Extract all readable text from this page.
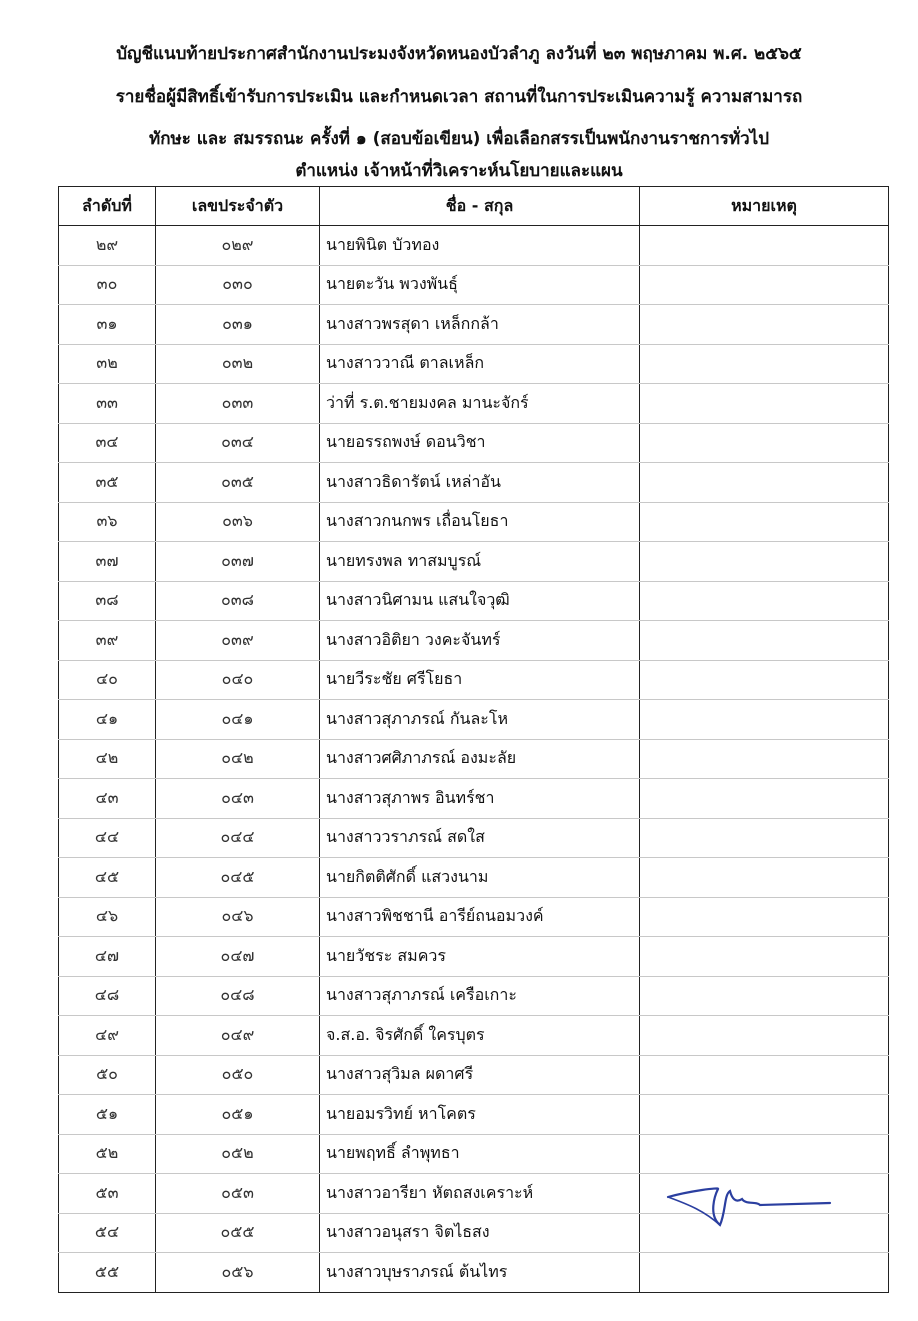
บัญชีแนบท้ายประกาศสำนักงานประมงจังหวัดหนองบัวลำภู ลงวันที่ ๒๓ พฤษภาคม พ.ศ. ๒๕๖๕
รายชื่อผู้มีสิทธิ์เข้ารับการประเมิน และกำหนดเวลา สถานที่ในการประเมินความรู้ ความสามารถ
ทักษะ และ สมรรถนะ ครั้งที่ ๑ (สอบข้อเขียน) เพื่อเลือกสรรเป็นพนักงานราชการทั่วไป
ตำแหน่ง เจ้าหน้าที่วิเคราะห์นโยบายและแผน
ลำดับที่	เลขประจำตัว	ชื่อ - สกุล	หมายเหตุ
๒๙	๐๒๙	นายพินิต บัวทอง	
๓๐	๐๓๐	นายตะวัน พวงพันธุ์	
๓๑	๐๓๑	นางสาวพรสุดา เหล็กกล้า	
๓๒	๐๓๒	นางสาววาณี ตาลเหล็ก	
๓๓	๐๓๓	ว่าที่ ร.ต.ชายมงคล มานะจักร์	
๓๔	๐๓๔	นายอรรถพงษ์ ดอนวิชา	
๓๕	๐๓๕	นางสาวธิดารัตน์ เหล่าอัน	
๓๖	๐๓๖	นางสาวกนกพร เถื่อนโยธา	
๓๗	๐๓๗	นายทรงพล ทาสมบูรณ์	
๓๘	๐๓๘	นางสาวนิศามน แสนใจวุฒิ	
๓๙	๐๓๙	นางสาวอิติยา วงคะจันทร์	
๔๐	๐๔๐	นายวีระชัย ศรีโยธา	
๔๑	๐๔๑	นางสาวสุภาภรณ์ กันละโห	
๔๒	๐๔๒	นางสาวศศิภาภรณ์ องมะลัย	
๔๓	๐๔๓	นางสาวสุภาพร อินทร์ชา	
๔๔	๐๔๔	นางสาววราภรณ์ สดใส	
๔๕	๐๔๕	นายกิตติศักดิ์ แสวงนาม	
๔๖	๐๔๖	นางสาวพิชชานี อารีย์ถนอมวงค์	
๔๗	๐๔๗	นายวัชระ สมควร	
๔๘	๐๔๘	นางสาวสุภาภรณ์ เครือเกาะ	
๔๙	๐๔๙	จ.ส.อ. จิรศักดิ์ ใครบุตร	
๕๐	๐๕๐	นางสาวสุวิมล ผดาศรี	
๕๑	๐๕๑	นายอมรวิทย์ หาโคตร	
๕๒	๐๕๒	นายพฤทธิ์ ลำพุทธา	
๕๓	๐๕๓	นางสาวอารียา หัตถสงเคราะห์	
๕๔	๐๕๕	นางสาวอนุสรา จิตไธสง	
๕๕	๐๕๖	นางสาวบุษราภรณ์ ต้นไทร	
